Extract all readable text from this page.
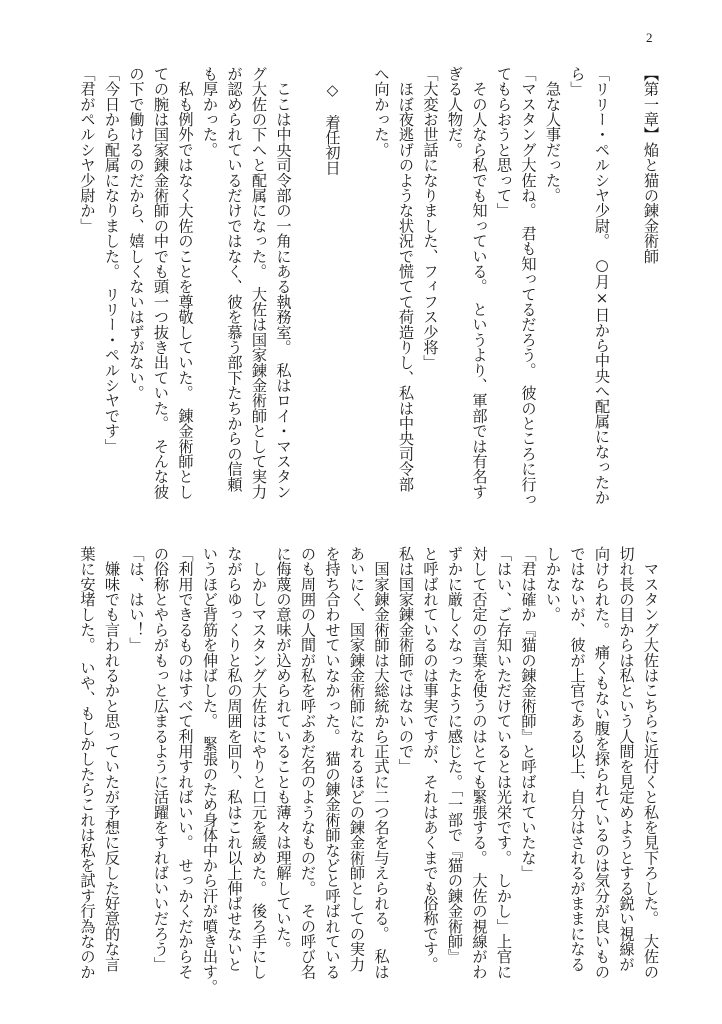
2
【第一章】焔と猫の錬金術師
「リリー・ペルシヤ少尉。　○月×日から中央へ配属になったか
ら」
　急な人事だった。
「マスタング大佐ね。　君も知ってるだろう。　彼のところに行っ
てもらおうと思って」
　その人なら私でも知っている。　というより、軍部では有名す
ぎる人物だ。
「大変お世話になりました、フィフス少将」
　ほぼ夜逃げのような状況で慌てて荷造りし、私は中央司令部
へ向かった。
　◇　着任初日
　ここは中央司令部の一角にある執務室。　私はロイ・マスタン
グ大佐の下へと配属になった。　大佐は国家錬金術師として実力
が認められているだけではなく、彼を慕う部下たちからの信頼
も厚かった。
　私も例外ではなく大佐のことを尊敬していた。　錬金術師とし
ての腕は国家錬金術師の中でも頭一つ抜き出ていた。　そんな彼
の下で働けるのだから、嬉しくないはずがない。
「今日から配属になりました。　リリー・ペルシヤです」
「君がペルシヤ少尉か」
　マスタング大佐はこちらに近付くと私を見下ろした。　大佐の
切れ長の目からは私という人間を見定めようとする鋭い視線が
向けられた。　痛くもない腹を探られているのは気分が良いもの
ではないが、彼が上官である以上、自分はされるがままになる
しかない。
「君は確か『猫の錬金術師』と呼ばれていたな」
「はい、ご存知いただけているとは光栄です。　しかし」上官に
対して否定の言葉を使うのはとても緊張する。　大佐の視線がわ
ずかに厳しくなったように感じた。「一部で『猫の錬金術師』
と呼ばれているのは事実ですが、それはあくまでも俗称です。
私は国家錬金術師ではないので」
　国家錬金術師は大総統から正式に二つ名を与えられる。　私は
あいにく、国家錬金術師になれるほどの錬金術師としての実力
を持ち合わせていなかった。　猫の錬金術師などと呼ばれている
のも周囲の人間が私を呼ぶあだ名のようなものだ。　その呼び名
に侮蔑の意味が込められていることも薄々は理解していた。
　しかしマスタング大佐はにやりと口元を緩めた。　後ろ手にし
ながらゆっくりと私の周囲を回り、私はこれ以上伸ばせないと
いうほど背筋を伸ばした。　緊張のため身体中から汗が噴き出す。
「利用できるものはすべて利用すればいい。　せっかくだからそ
の俗称とやらがもっと広まるように活躍をすればいいだろう」
「は、はい！」
　嫌味でも言われるかと思っていたが予想に反した好意的な言
葉に安堵した。　いや、もしかしたらこれは私を試す行為なのか
